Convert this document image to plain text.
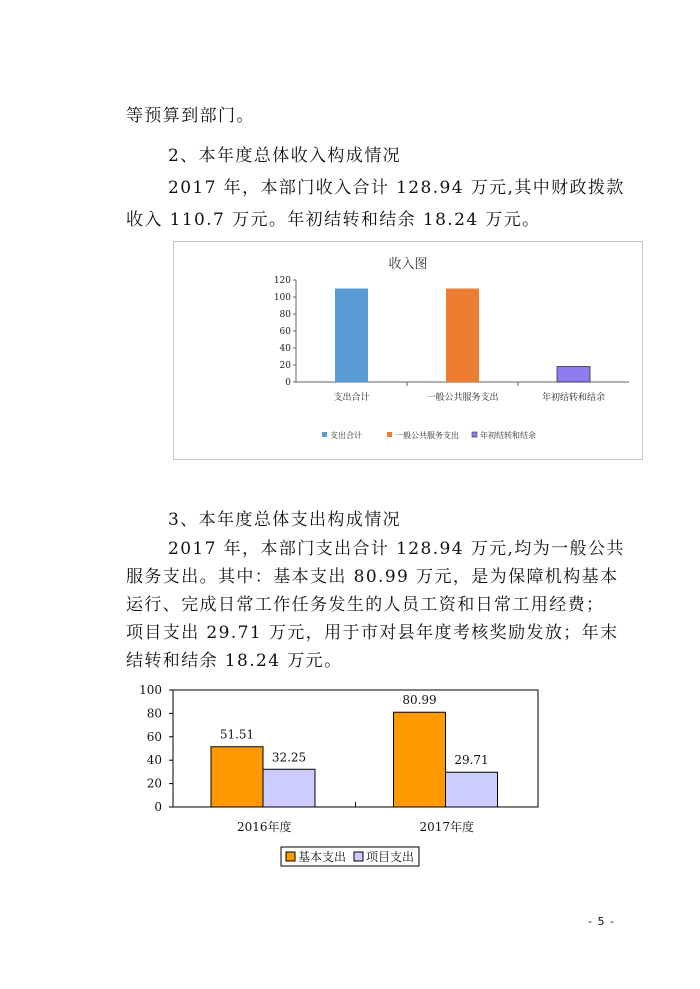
等预算到部门。
2、本年度总体收入构成情况
2017 年，本部门收入合计 128.94 万元,其中财政拨款
收入 110.7 万元。年初结转和结余 18.24 万元。
收入图
0
20
40
60
80
100
120
支出合计	一般公共服务支出	年初结转和结余
支出合计	一般公共服务支出	年初结转和结余
3、本年度总体支出构成情况
2017 年，本部门支出合计 128.94 万元,均为一般公共
服务支出。其中：基本支出 80.99 万元，是为保障机构基本
运行、完成日常工作任务发生的人员工资和日常工用经费；
项目支出 29.71 万元，用于市对县年度考核奖励发放；年末
结转和结余 18.24 万元。
0
20
40
60
80
100
51.51
32.25
2016年度
80.99
29.71
2017年度
基本支出 项目支出
- 5 -
